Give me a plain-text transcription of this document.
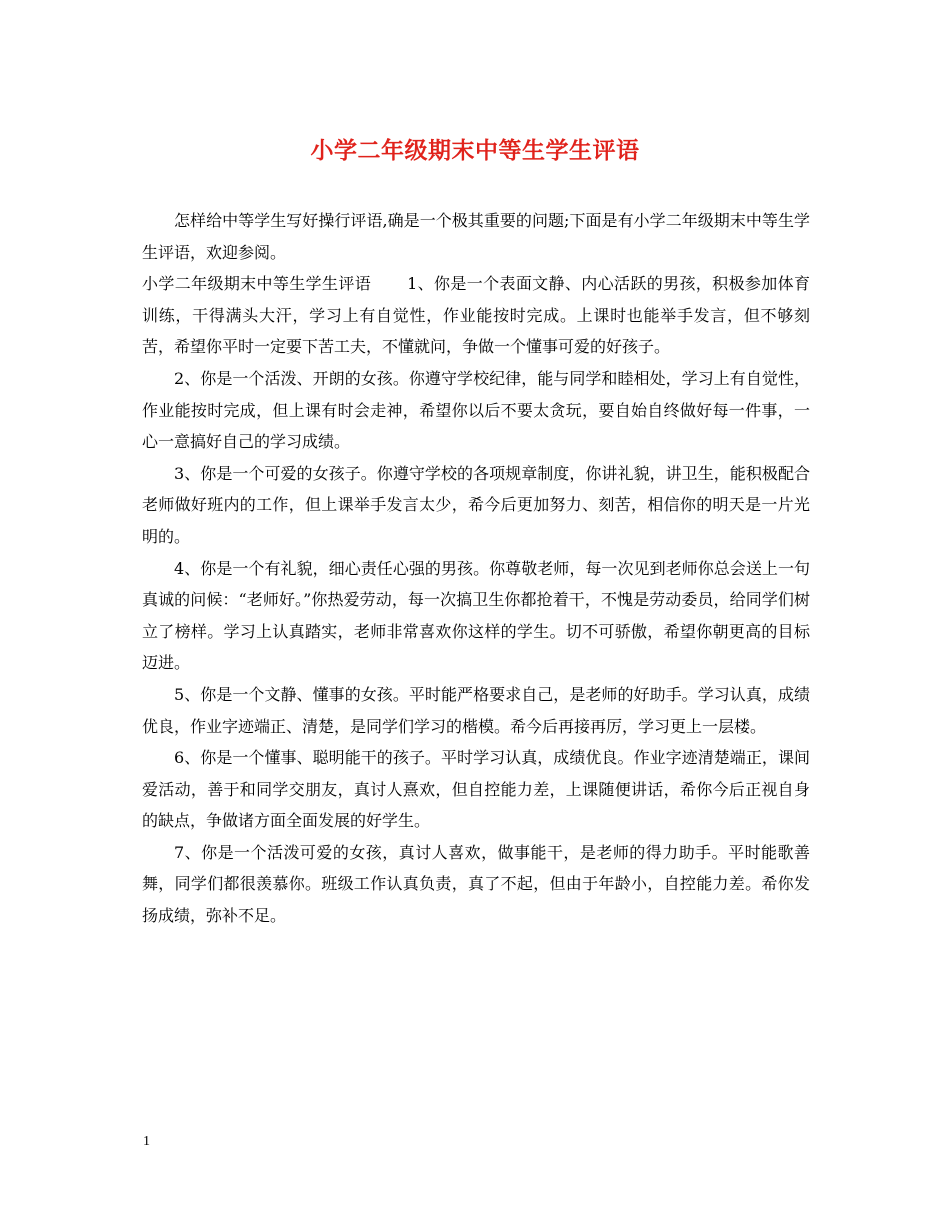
小学二年级期末中等生学生评语

怎样给中等学生写好操行评语,确是一个极其重要的问题;下面是有小学二年级期末中等生学生评语，欢迎参阅。

小学二年级期末中等生学生评语 1、你是一个表面文静、内心活跃的男孩，积极参加体育训练，干得满头大汗，学习上有自觉性，作业能按时完成。上课时也能举手发言，但不够刻苦，希望你平时一定要下苦工夫，不懂就问，争做一个懂事可爱的好孩子。

2、你是一个活泼、开朗的女孩。你遵守学校纪律，能与同学和睦相处，学习上有自觉性，作业能按时完成，但上课有时会走神，希望你以后不要太贪玩，要自始自终做好每一件事，一心一意搞好自己的学习成绩。

3、你是一个可爱的女孩子。你遵守学校的各项规章制度，你讲礼貌，讲卫生，能积极配合老师做好班内的工作，但上课举手发言太少，希今后更加努力、刻苦，相信你的明天是一片光明的。

4、你是一个有礼貌，细心责任心强的男孩。你尊敬老师，每一次见到老师你总会送上一句真诚的问候：“老师好。”你热爱劳动，每一次搞卫生你都抢着干，不愧是劳动委员，给同学们树立了榜样。学习上认真踏实，老师非常喜欢你这样的学生。切不可骄傲，希望你朝更高的目标迈进。

5、你是一个文静、懂事的女孩。平时能严格要求自己，是老师的好助手。学习认真，成绩优良，作业字迹端正、清楚，是同学们学习的楷模。希今后再接再厉，学习更上一层楼。

6、你是一个懂事、聪明能干的孩子。平时学习认真，成绩优良。作业字迹清楚端正，课间爱活动，善于和同学交朋友，真讨人熹欢，但自控能力差，上课随便讲话，希你今后正视自身的缺点，争做诸方面全面发展的好学生。

7、你是一个活泼可爱的女孩，真讨人喜欢，做事能干，是老师的得力助手。平时能歌善舞，同学们都很羡慕你。班级工作认真负责，真了不起，但由于年龄小，自控能力差。希你发扬成绩，弥补不足。

1
